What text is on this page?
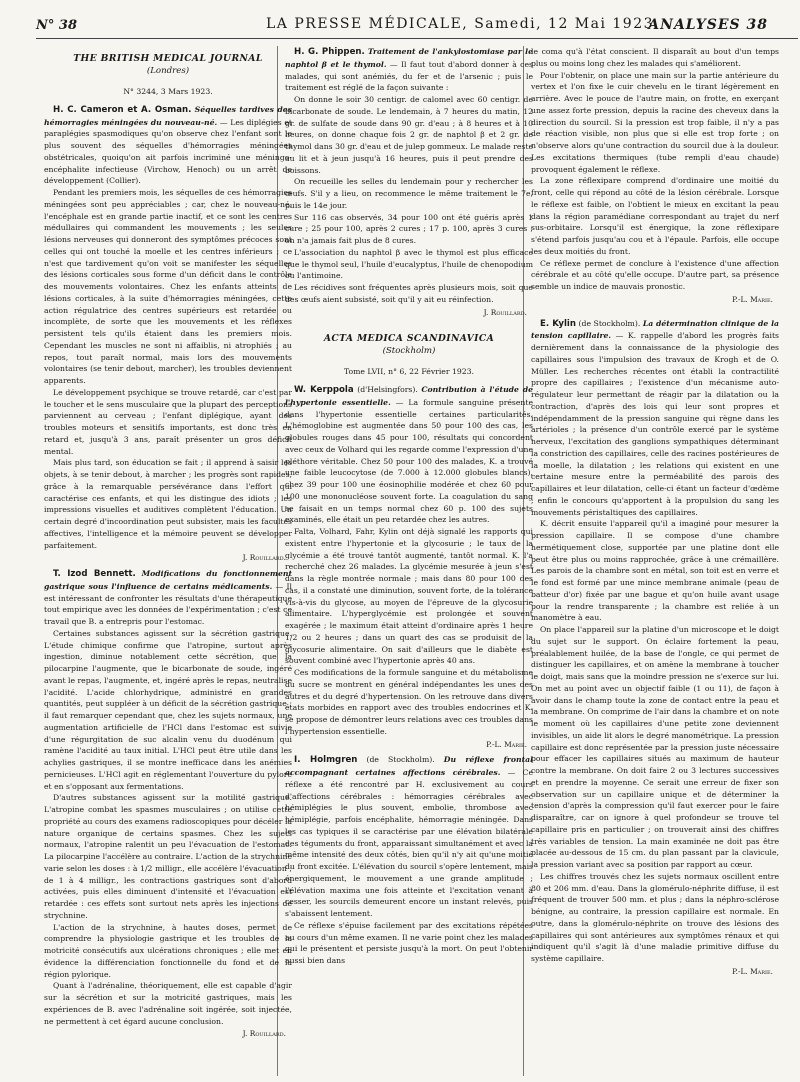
N° 38	LA PRESSE MÉDICALE, Samedi, 12 Mai 1923
ANALYSES 38
THE BRITISH MEDICAL JOURNAL
(Londres)
N° 3244, 3 Mars 1923.

H. C. Cameron et A. Osman. Séquelles tardives des hémorragies méningées du nouveau-né. — Les diplégies et paraplégies spasmodiques qu'on observe chez l'enfant sont le plus souvent des séquelles d'hémorragies méningées obstétricales, quoiqu'on ait parfois incriminé une méningo-encéphalite infectieuse (Virchow, Henoch) ou un arrêt de développement (Collier).

Pendant les premiers mois, les séquelles de ces hémorragies méningées sont peu appréciables ; car, chez le nouveau-né, l'encéphale est en grande partie inactif, et ce sont les centres médullaires qui commandent les mouvements ; les seules lésions nerveuses qui donneront des symptômes précoces sont celles qui ont touché la moelle et les centres inférieurs ; ce n'est que tardivement qu'on voit se manifester les séquelles des lésions corticales sous forme d'un déficit dans le contrôle des mouvements volontaires. Chez les enfants atteints de lésions corticales, à la suite d'hémorragies méningées, cette action régulatrice des centres supérieurs est retardée ou incomplète, de sorte que les mouvements et les réflexes persistent tels qu'ils étaient dans les premiers mois. Cependant les muscles ne sont ni affaiblis, ni atrophiés ; au repos, tout paraît normal, mais lors des mouvements volontaires (se tenir debout, marcher), les troubles deviennent apparents.

Le développement psychique se trouve retardé, car c'est par le toucher et le sens musculaire que la plupart des perceptions parviennent au cerveau ; l'enfant diplégique, ayant des troubles moteurs et sensitifs importants, est donc très en retard et, jusqu'à 3 ans, paraît présenter un gros déficit mental.

Mais plus tard, son éducation se fait ; il apprend à saisir les objets, à se tenir debout, à marcher ; les progrès sont rapides, grâce à la remarquable persévérance dans l'effort qui caractérise ces enfants, et qui les distingue des idiots ; les impressions visuelles et auditives complètent l'éducation. Un certain degré d'incoordination peut subsister, mais les facultés affectives, l'intelligence et la mémoire peuvent se développer parfaitement.

J. Rouillard.

T. Izod Bennett. Modifications du fonctionnement gastrique sous l'influence de certains médicaments. — Il est intéressant de confronter les résultats d'une thérapeutique tout empirique avec les données de l'expérimentation ; c'est ce travail que B. a entrepris pour l'estomac.

Certaines substances agissent sur la sécrétion gastrique. L'étude chimique confirme que l'atropine, surtout après ingestion, diminue notablement cette sécrétion, que la pilocarpine l'augmente, que le bicarbonate de soude, ingéré avant le repas, l'augmente, et, ingéré après le repas, neutralise l'acidité. L'acide chlorhydrique, administré en grandes quantités, peut suppléer à un déficit de la sécrétion gastrique ; il faut remarquer cependant que, chez les sujets normaux, une augmentation artificielle de l'HCl dans l'estomac est suivie d'une régurgitation de suc alcalin venu du duodénum qui ramène l'acidité au taux initial. L'HCl peut être utile dans les achylies gastriques, il se montre inefficace dans les anémies pernicieuses. L'HCl agit en réglementant l'ouverture du pylore et en s'opposant aux fermentations.

D'autres substances agissent sur la motilité gastrique. L'atropine combat les spasmes musculaires ; on utilise cette propriété au cours des examens radioscopiques pour décéler la nature organique de certains spasmes. Chez les sujets normaux, l'atropine ralentit un peu l'évacuation de l'estomac. La pilocarpine l'accélère au contraire. L'action de la strychnine varie selon les doses : à 1/2 milligr., elle accélère l'évacuation ; de 1 à 4 milligr., les contractions gastriques sont d'abord activées, puis elles diminuent d'intensité et l'évacuation est retardée : ces effets sont surtout nets après les injections de strychnine.

L'action de la strychnine, à hautes doses, permet de comprendre la physiologie gastrique et les troubles de la motricité consécutifs aux ulcérations chroniques ; elle met en évidence la différenciation fonctionnelle du fond et de la région pylorique.

Quant à l'adrénaline, théoriquement, elle est capable d'agir sur la sécrétion et sur la motricité gastriques, mais les expériences de B. avec l'adrénaline soit ingérée, soit injectée, ne permettent à cet égard aucune conclusion.

J. Rouillard.

H. G. Phippen. Traitement de l'ankylostomiase par le naphtol β et le thymol. — Il faut tout d'abord donner à ces malades, qui sont anémiés, du fer et de l'arsenic ; puis le traitement est réglé de la façon suivante :

On donne le soir 30 centigr. de calomel avec 60 centigr. de bicarbonate de soude. Le lendemain, à 7 heures du matin, 12 gr. de sulfate de soude dans 90 gr. d'eau ; à 8 heures et à 10 heures, on donne chaque fois 2 gr. de naphtol β et 2 gr. de thymol dans 30 gr. d'eau et de julep gommeux. Le malade reste au lit et à jeun jusqu'à 16 heures, puis il peut prendre des boissons.

On recueille les selles du lendemain pour y rechercher les œufs. S'il y a lieu, on recommence le même traitement le 7e, puis le 14e jour.

Sur 116 cas observés, 34 pour 100 ont été guéris après 1 cure ; 25 pour 100, après 2 cures ; 17 p. 100, après 3 cures ; on n'a jamais fait plus de 8 cures.

L'association du naphtol β avec le thymol est plus efficace que le thymol seul, l'huile d'eucalyptus, l'huile de chenopodium ou l'antimoine.

Les récidives sont fréquentes après plusieurs mois, soit que des œufs aient subsisté, soit qu'il y ait eu réinfection.

J. Rouillard.
ACTA MEDICA SCANDINAVICA
(Stockholm)
Tome LVII, n° 6, 22 Février 1923.

W. Kerppola (d'Helsingfors). Contribution à l'étude de l'hypertonie essentielle. — La formule sanguine présente dans l'hypertonie essentielle certaines particularités. L'hémoglobine est augmentée dans 50 pour 100 des cas, les globules rouges dans 45 pour 100, résultats qui concordent avec ceux de Volhard qui les regarde comme l'expression d'une pléthore véritable. Chez 50 pour 100 des malades, K. a trouvé une faible leucocytose (de 7.000 à 12.000 globules blancs), chez 39 pour 100 une éosinophilie modérée et chez 60 pour 100 une mononucléose souvent forte. La coagulation du sang se faisait en un temps normal chez 60 p. 100 des sujets examinés, elle était un peu retardée chez les autres.

Falta, Volhard, Fahr, Kylin ont déjà signalé les rapports qui existent entre l'hypertonie et la glycosurie ; le taux de la glycémie a été trouvé tantôt augmenté, tantôt normal. K. l'a recherché chez 26 malades. La glycémie mesurée à jeun s'est dans la règle montrée normale ; mais dans 80 pour 100 des cas, il a constaté une diminution, souvent forte, de la tolérance vis-à-vis du glycose, au moyen de l'épreuve de la glycosurie alimentaire. L'hyperglycémie est prolongée et souvent exagérée ; le maximum était atteint d'ordinaire après 1 heure 1/2 ou 2 heures ; dans un quart des cas se produisit de la glycosurie alimentaire. On sait d'ailleurs que le diabète est souvent combiné avec l'hypertonie après 40 ans.

Ces modifications de la formule sanguine et du métabolisme du sucre se montrent en général indépendantes les unes des autres et du degré d'hypertension. On les retrouve dans divers états morbides en rapport avec des troubles endocrines et K. se propose de démontrer leurs relations avec ces troubles dans l'hypertension essentielle.

P.-L. Marie.

I. Holmgren (de Stockholm). Du réflexe frontal accompagnant certaines affections cérébrales. — Ce réflexe a été rencontré par H. exclusivement au cours d'affections cérébrales : hémorragies cérébrales avec hémiplégies le plus souvent, embolie, thrombose avec hémiplégie, parfois encéphalite, hémorragie méningée. Dans les cas typiques il se caractérise par une élévation bilatérale des téguments du front, apparaissant simultanément et avec la même intensité des deux côtés, bien qu'il n'y ait qu'une moitié du front excitée. L'élévation du sourcil s'opère lentement, mais énergiquement, le mouvement a une grande amplitude ; l'élévation maxima une fois atteinte et l'excitation venant à cesser, les sourcils demeurent encore un instant relevés, puis s'abaissent lentement.

Ce réflexe s'épuise facilement par des excitations répétées au cours d'un même examen. Il ne varie point chez les malades qui le présentent et persiste jusqu'à la mort. On peut l'obtenir aussi bien dans

le coma qu'à l'état conscient. Il disparaît au bout d'un temps plus ou moins long chez les malades qui s'améliorent.

Pour l'obtenir, on place une main sur la partie antérieure du vertex et l'on fixe le cuir chevelu en le tirant légèrement en arrière. Avec le pouce de l'autre main, on frotte, en exerçant une assez forte pression, depuis la racine des cheveux dans la direction du sourcil. Si la pression est trop faible, il n'y a pas de réaction visible, non plus que si elle est trop forte ; on n'observe alors qu'une contraction du sourcil due à la douleur. Les excitations thermiques (tube rempli d'eau chaude) provoquent également le réflexe.

La zone réflexipare comprend d'ordinaire une moitié du front, celle qui répond au côté de la lésion cérébrale. Lorsque le réflexe est faible, on l'obtient le mieux en excitant la peau dans la région paramédiane correspondant au trajet du nerf sus-orbitaire. Lorsqu'il est énergique, la zone réflexipare s'étend parfois jusqu'au cou et à l'épaule. Parfois, elle occupe les deux moitiés du front.

Ce réflexe permet de conclure à l'existence d'une affection cérébrale et au côté qu'elle occupe. D'autre part, sa présence semble un indice de mauvais pronostic.

P.-L. Marie.

E. Kylin (de Stockholm). La détermination clinique de la tension capillaire. — K. rappelle d'abord les progrès faits dernièrement dans la connaissance de la physiologie des capillaires sous l'impulsion des travaux de Krogh et de O. Müller. Les recherches récentes ont établi la contractilité propre des capillaires ; l'existence d'un mécanisme auto-régulateur leur permettant de réagir par la dilatation ou la contraction, d'après des lois qui leur sont propres et indépendamment de la pression sanguine qui règne dans les artérioles ; la présence d'un contrôle exercé par le système nerveux, l'excitation des ganglions sympathiques déterminant la constriction des capillaires, celle des racines postérieures de la moelle, la dilatation ; les relations qui existent en une certaine mesure entre la perméabilité des parois des capillaires et leur dilatation, celle-ci étant un facteur d'œdème ; enfin le concours qu'apportent à la propulsion du sang les mouvements péristaltiques des capillaires.

K. décrit ensuite l'appareil qu'il a imaginé pour mesurer la pression capillaire. Il se compose d'une chambre hermétiquement close, supportée par une platine dont elle peut être plus ou moins rapprochée, grâce à une crémaillère. Les parois de la chambre sont en métal, son toit est en verre et le fond est formé par une mince membrane animale (peau de batteur d'or) fixée par une bague et qu'on huile avant usage pour la rendre transparente ; la chambre est reliée à un manomètre à eau.

On place l'appareil sur la platine d'un microscope et le doigt du sujet sur le support. On éclaire fortement la peau, préalablement huilée, de la base de l'ongle, ce qui permet de distinguer les capillaires, et on amène la membrane à toucher le doigt, mais sans que la moindre pression ne s'exerce sur lui. On met au point avec un objectif faible (1 ou 11), de façon à avoir dans le champ toute la zone de contact entre la peau et la membrane. On comprime de l'air dans la chambre et on note le moment où les capillaires d'une petite zone deviennent invisibles, un aide lit alors le degré manométrique. La pression capillaire est donc représentée par la pression juste nécessaire pour effacer les capillaires situés au maximum de hauteur contre la membrane. On doit faire 2 ou 3 lectures successives et en prendre la moyenne. Ce serait une erreur de fixer son observation sur un capillaire unique et de déterminer la tension d'après la compression qu'il faut exercer pour le faire disparaître, car on ignore à quel profondeur se trouve tel capillaire pris en particulier ; on trouverait ainsi des chiffres très variables de tension. La main examinée ne doit pas être placée au-dessous de 15 cm. du plan passant par la clavicule, la pression variant avec sa position par rapport au cœur.

Les chiffres trouvés chez les sujets normaux oscillent entre 80 et 206 mm. d'eau. Dans la glomérulo-néphrite diffuse, il est fréquent de trouver 500 mm. et plus ; dans la néphro-sclérose bénigne, au contraire, la pression capillaire est normale. En outre, dans la glomérulo-néphrite on trouve des lésions des capillaires qui sont antérieures aux symptômes rénaux et qui indiquent qu'il s'agit là d'une maladie primitive diffuse du système capillaire.

P.-L. Marie.
